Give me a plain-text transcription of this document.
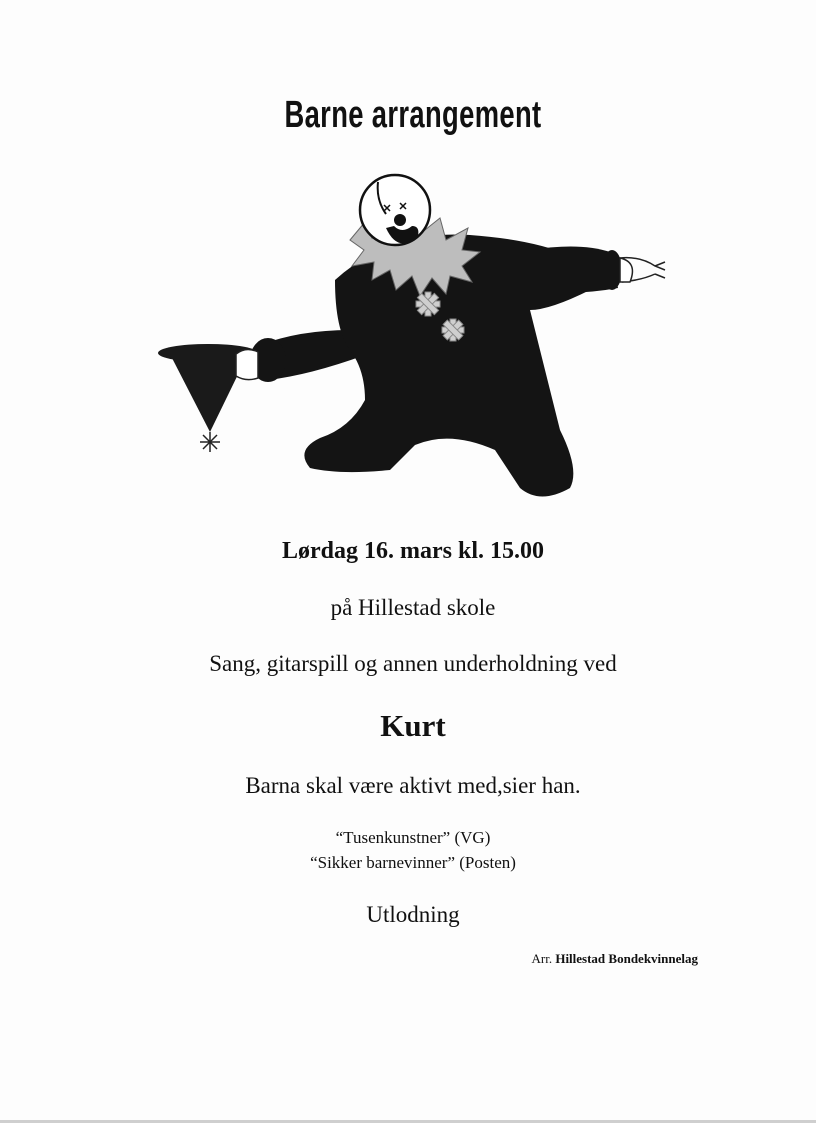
Barne arrangement
Lørdag 16. mars kl. 15.00
på Hillestad skole
Sang, gitarspill og annen underholdning ved
Kurt
Barna skal være aktivt med,sier han.
“Tusenkunstner” (VG)
“Sikker barnevinner” (Posten)
Utlodning
Arr. Hillestad Bondekvinnelag
